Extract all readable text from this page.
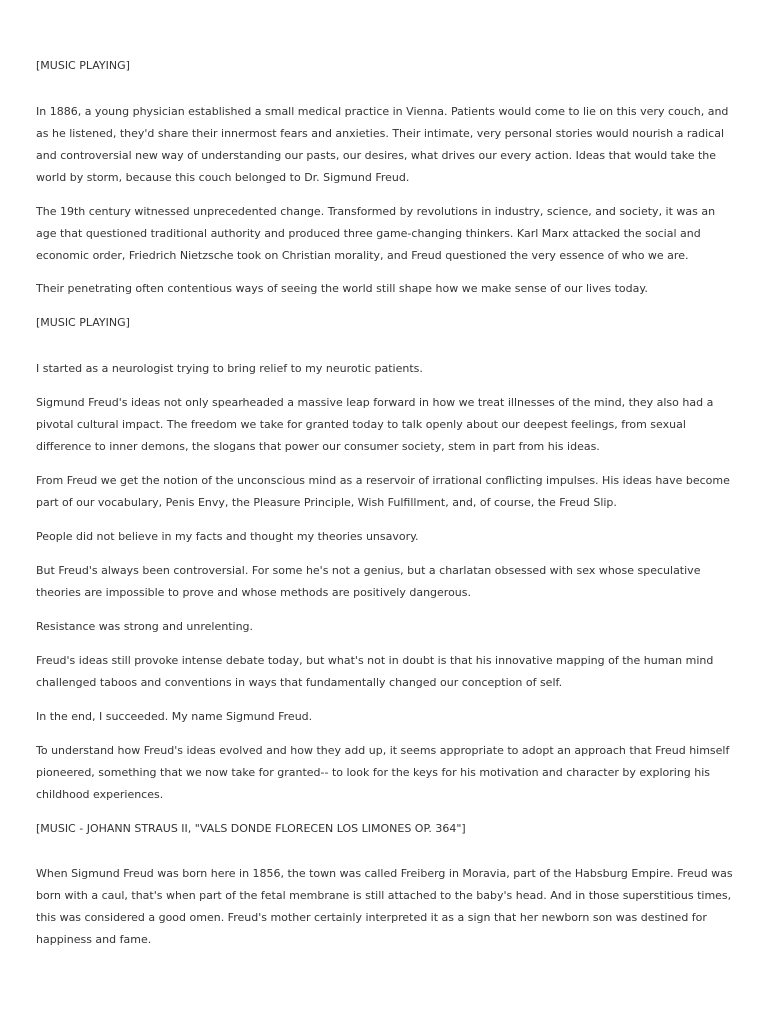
[MUSIC PLAYING]

In 1886, a young physician established a small medical practice in Vienna. Patients would come to lie on this very couch, and as he listened, they'd share their innermost fears and anxieties. Their intimate, very personal stories would nourish a radical and controversial new way of understanding our pasts, our desires, what drives our every action. Ideas that would take the world by storm, because this couch belonged to Dr. Sigmund Freud.

The 19th century witnessed unprecedented change. Transformed by revolutions in industry, science, and society, it was an age that questioned traditional authority and produced three game-changing thinkers. Karl Marx attacked the social and economic order, Friedrich Nietzsche took on Christian morality, and Freud questioned the very essence of who we are.

Their penetrating often contentious ways of seeing the world still shape how we make sense of our lives today.

[MUSIC PLAYING]

I started as a neurologist trying to bring relief to my neurotic patients.

Sigmund Freud's ideas not only spearheaded a massive leap forward in how we treat illnesses of the mind, they also had a pivotal cultural impact. The freedom we take for granted today to talk openly about our deepest feelings, from sexual difference to inner demons, the slogans that power our consumer society, stem in part from his ideas.

From Freud we get the notion of the unconscious mind as a reservoir of irrational conflicting impulses. His ideas have become part of our vocabulary, Penis Envy, the Pleasure Principle, Wish Fulfillment, and, of course, the Freud Slip.

People did not believe in my facts and thought my theories unsavory.

But Freud's always been controversial. For some he's not a genius, but a charlatan obsessed with sex whose speculative theories are impossible to prove and whose methods are positively dangerous.

Resistance was strong and unrelenting.

Freud's ideas still provoke intense debate today, but what's not in doubt is that his innovative mapping of the human mind challenged taboos and conventions in ways that fundamentally changed our conception of self.

In the end, I succeeded. My name Sigmund Freud.

To understand how Freud's ideas evolved and how they add up, it seems appropriate to adopt an approach that Freud himself pioneered, something that we now take for granted-- to look for the keys for his motivation and character by exploring his childhood experiences.

[MUSIC - JOHANN STRAUS II, "VALS DONDE FLORECEN LOS LIMONES OP. 364"]

When Sigmund Freud was born here in 1856, the town was called Freiberg in Moravia, part of the Habsburg Empire. Freud was born with a caul, that's when part of the fetal membrane is still attached to the baby's head. And in those superstitious times, this was considered a good omen. Freud's mother certainly interpreted it as a sign that her newborn son was destined for happiness and fame.
